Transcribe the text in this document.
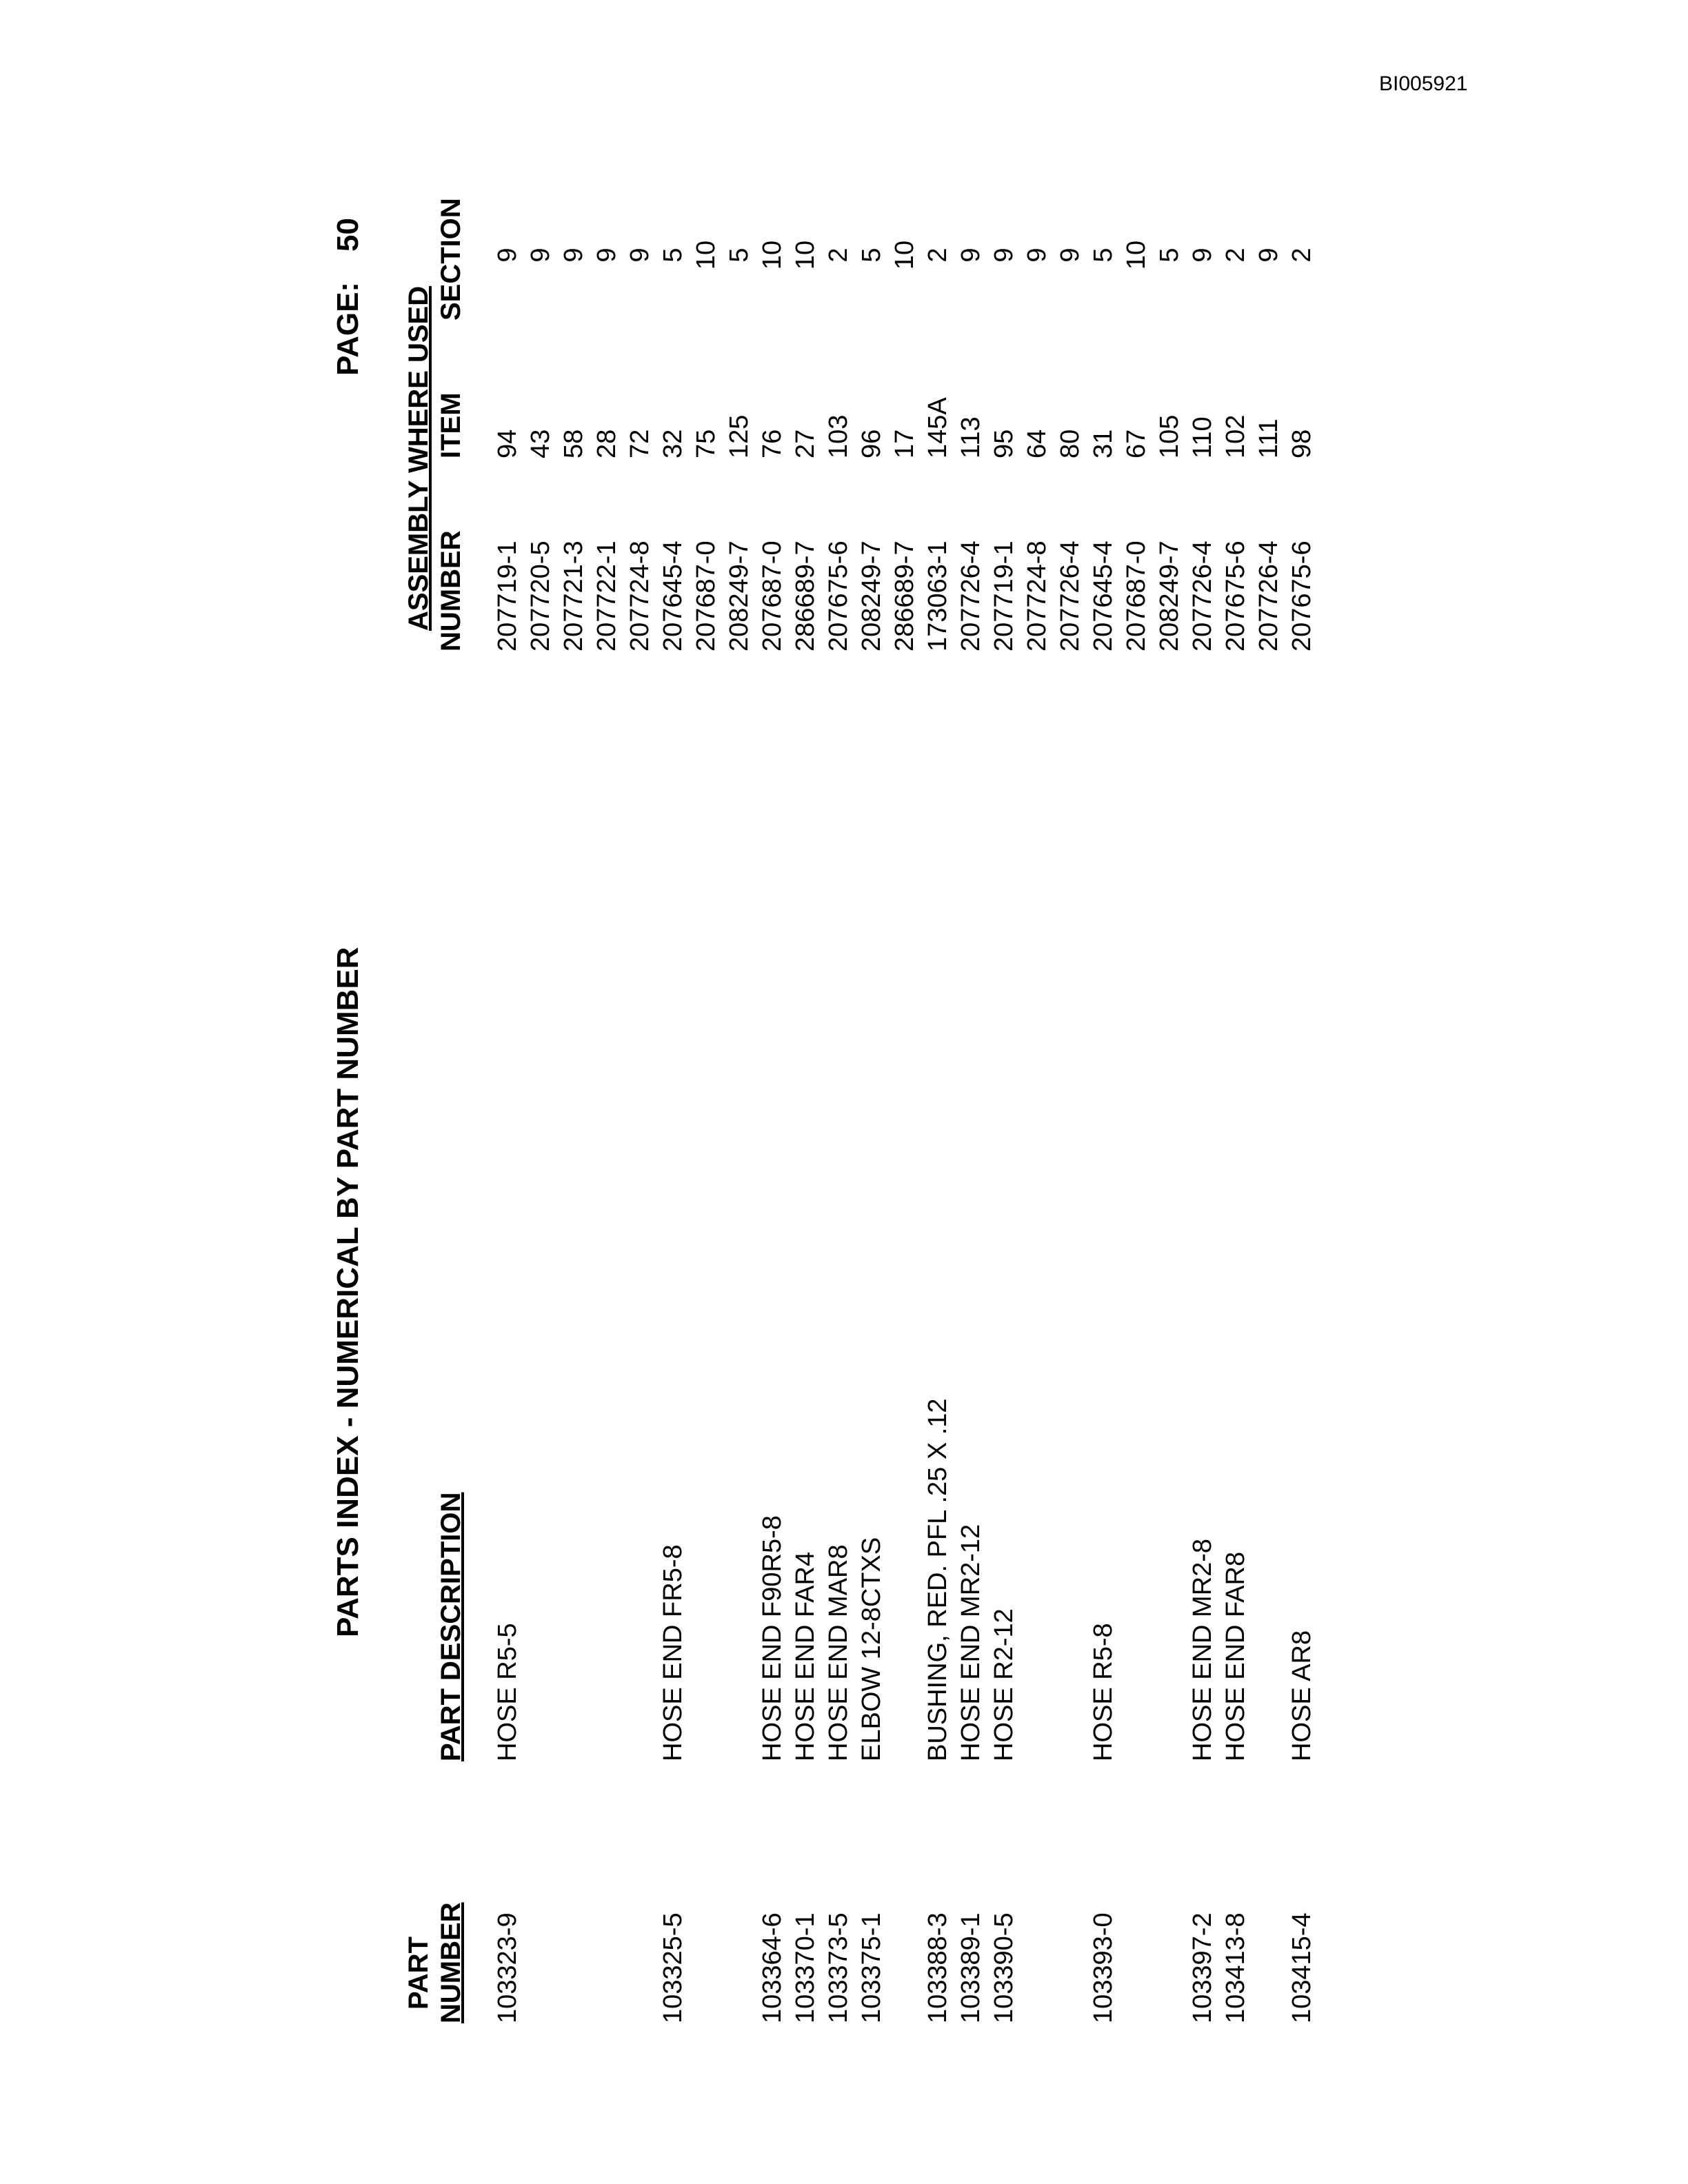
BI005921
PARTS INDEX - NUMERICAL BY PART NUMBER
PAGE:
50
PART NUMBER
PART DESCRIPTION
ASSEMBLY WHERE USED NUMBER
ITEM
SECTION
103323-9
HOSE R5-5
207719-1
94
9
207720-5
43
9
207721-3
58
9
207722-1
28
9
207724-8
72
9
103325-5
HOSE END FR5-8
207645-4
32
5
207687-0
75
10
208249-7
125
5
103364-6
HOSE END F90R5-8
207687-0
76
10
103370-1
HOSE END FAR4
286689-7
27
10
103373-5
HOSE END MAR8
207675-6
103
2
103375-1
ELBOW 12-8CTXS
208249-7
96
5
286689-7
17
10
103388-3
BUSHING, RED. PFL .25 X .12
173063-1
145A
2
103389-1
HOSE END MR2-12
207726-4
113
9
103390-5
HOSE R2-12
207719-1
95
9
207724-8
64
9
207726-4
80
9
103393-0
HOSE R5-8
207645-4
31
5
207687-0
67
10
208249-7
105
5
103397-2
HOSE END MR2-8
207726-4
110
9
103413-8
HOSE END FAR8
207675-6
102
2
207726-4
111
9
103415-4
HOSE AR8
207675-6
98
2
